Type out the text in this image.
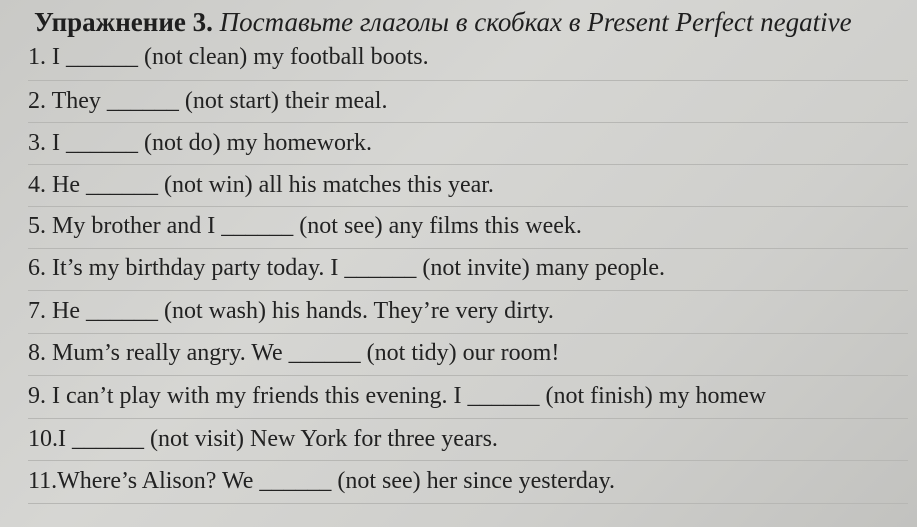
Упражнение 3. Поставьте глаголы в скобках в Present Perfect negative
1. I ______ (not clean) my football boots.
2. They ______ (not start) their meal.
3. I ______ (not do) my homework.
4. He ______ (not win) all his matches this year.
5. My brother and I ______ (not see) any films this week.
6. It’s my birthday party today. I ______ (not invite) many people.
7. He ______ (not wash) his hands. They’re very dirty.
8. Mum’s really angry. We ______ (not tidy) our room!
9. I can’t play with my friends this evening. I ______ (not finish) my homew
10.I ______ (not visit) New York for three years.
11.Where’s Alison? We ______ (not see) her since yesterday.
